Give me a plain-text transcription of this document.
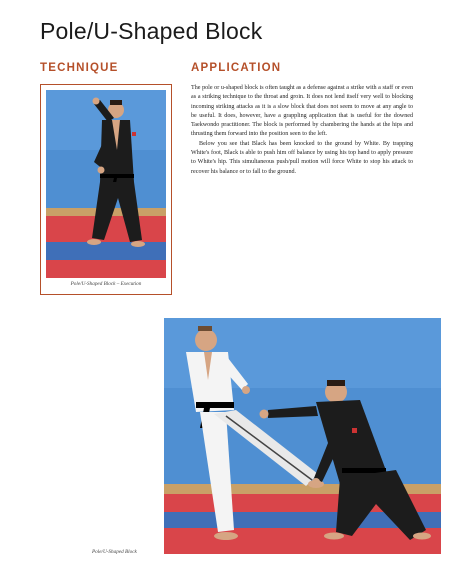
Pole/U-Shaped Block
TECHNIQUE	APPLICATION
Pole/U-Shaped Block – Execution

The pole or u-shaped block is often taught as a defense against a strike with a staff or even as a striking technique to the throat and groin. It does not lend itself very well to blocking incoming striking attacks as it is a slow block that does not seem to move at any angle to be useful. It does, however, have a grappling application that is useful for the downed Taekwondo practitioner. The block is performed by chambering the hands at the hips and thrusting them forward into the position seen to the left.

Below you see that Black has been knocked to the ground by White. By trapping White's foot, Black is able to push him off balance by using his top hand to apply pressure to White's hip. This simultaneous push/pull motion will force White to stop his attack to recover his balance or to fall to the ground.

Pole/U-Shaped Block
